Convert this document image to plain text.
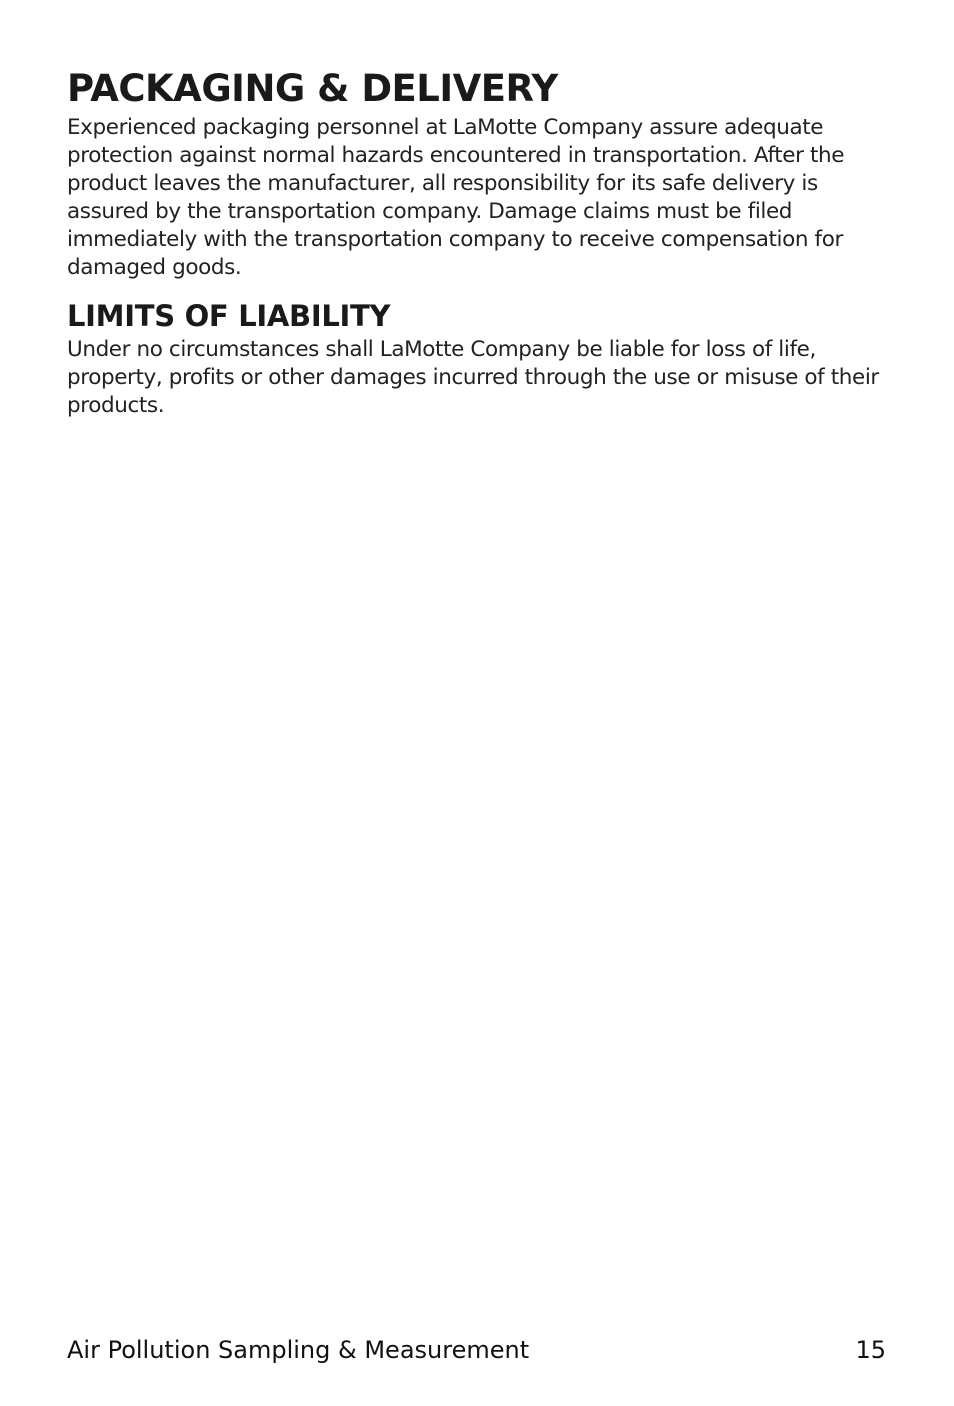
PACKAGING & DELIVERY

Experienced packaging personnel at LaMotte Company assure adequate protection against normal hazards encountered in transportation. After the product leaves the manufacturer, all responsibility for its safe delivery is assured by the transportation company. Damage claims must be filed immediately with the transportation company to receive compensation for damaged goods.

LIMITS OF LIABILITY

Under no circumstances shall LaMotte Company be liable for loss of life, property, profits or other damages incurred through the use or misuse of their products.

Air Pollution Sampling & Measurement	15
